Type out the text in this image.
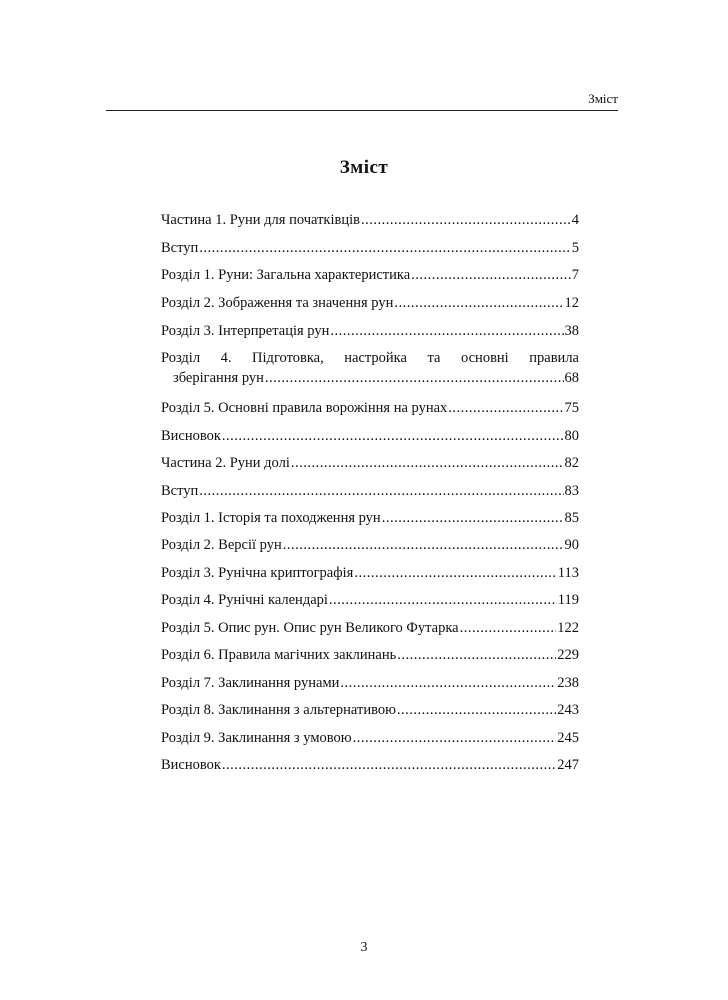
Зміст
Зміст
Частина 1. Руни для початківців .....	4
Вступ .....	5
Розділ 1. Руни: Загальна характеристика .....	7
Розділ 2. Зображення та значення рун .....	12
Розділ 3. Інтерпретація рун .....	38
Розділ 4. Підготовка, настройка та основні правила
зберігання рун .....	68
Розділ 5. Основні правила ворожіння на рунах .....	75
Висновок .....	80
Частина 2. Руни долі .....	82
Вступ .....	83
Розділ 1. Історія та походження рун .....	85
Розділ 2. Версії рун .....	90
Розділ 3. Рунічна криптографія .....	113
Розділ 4. Рунічні календарі .....	119
Розділ 5. Опис рун. Опис рун Великого Футарка .....	122
Розділ 6. Правила магічних заклинань .....	229
Розділ 7. Заклинання рунами .....	238
Розділ 8. Заклинання з альтернативою .....	243
Розділ 9. Заклинання з умовою .....	245
Висновок .....	247
3
